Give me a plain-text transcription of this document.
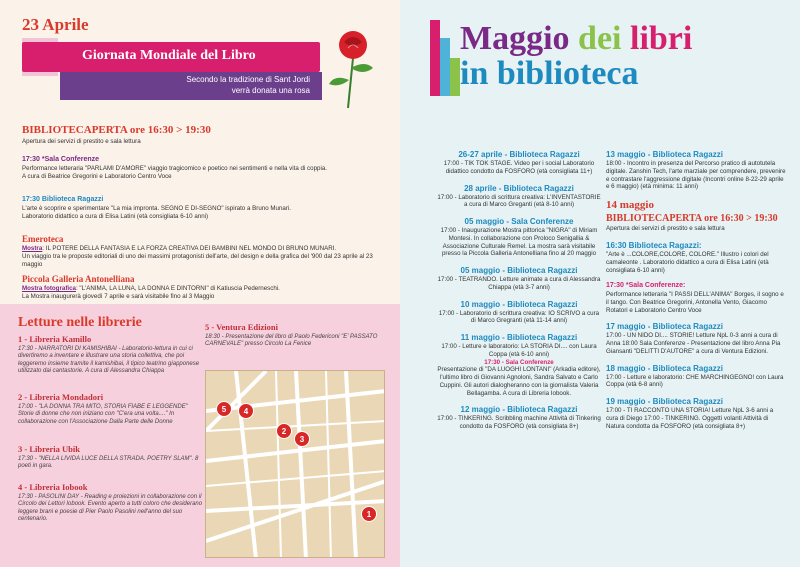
23 Aprile
Giornata Mondiale del Libro
Secondo la tradizione di Sant Jordi
verrà donata una rosa
BIBLIOTECAPERTA ore 16:30 > 19:30
Apertura dei servizi di prestito e sala lettura
17:30 *Sala Conferenze
Performance letteraria "PARLAMI D'AMORE" viaggio tragicomico e poetico nei sentimenti e nella vita di coppia.
A cura di Beatrice Gregorini e Laboratorio Centro Voce
17:30 Biblioteca Ragazzi
L'arte è scoprire e sperimentare "La mia impronta. SEGNO E DI-SEGNO" ispirato a Bruno Munari.
Laboratorio didattico a cura di Elisa Latini (età consigliata 6-10 anni)
Emeroteca
Mostra: IL POTERE DELLA FANTASIA E LA FORZA CREATIVA DEI BAMBINI NEL MONDO DI BRUNO MUNARI.
Un viaggio tra le proposte editoriali di uno dei massimi protagonisti dell'arte, del design e della grafica del '900 dal 23 aprile al 23 maggio
Piccola Galleria Antonelliana
Mostra fotografica: "L'ANIMA, LA LUNA, LA DONNA E DINTORNI" di Katiuscia Pederneschi.
La Mostra inaugurerà giovedì 7 aprile e sarà visitabile fino al 3 Maggio
Letture nelle librerie
1 - Libreria Kamillo
17:30 - NARRATORI DI KAMISHIBAI - Laboratorio-lettura in cui ci divertiremo a inventare e illustrare una storia collettiva, che poi leggeremo insieme tramite il kamishibai, il tipico teatrino giapponese utilizzato dai cantastorie. A cura di Alessandra Chiappa
2 - Libreria Mondadori
17:00 - "LA DONNA TRA MITO, STORIA FIABE E LEGGENDE" Storie di donne che non iniziano con "C'era una volta...." In collaborazione con l'Associazione Dalla Parte delle Donne
3 - Libreria Ubik
17:30 - "NELLA LIVIDA LUCE DELLA STRADA. POETRY SLAM". 8 poeti in gara.
4 - Libreria Iobook
17:30 - PASOLINI DAY - Reading e proiezioni in collaborazione con il Circolo dei Lettori Iobook. Evento aperto a tutti coloro che desiderano leggere brani e poesie di Pier Paolo Pasolini nell'anno del suo centenario.
5 - Ventura Edizioni
18:30 - Presentazione del libro di Paolo Federiconi "E' PASSATO CARNEVALE" presso Circolo La Fenice
5	4
2
3
1
Maggio dei libri
in biblioteca
26-27 aprile - Biblioteca Ragazzi
17:00 - TIK TOK STAGE. Video per i social Laboratorio didattico condotto da FOSFORO (età consigliata 11+)
28 aprile - Biblioteca Ragazzi
17:00 - Laboratorio di scrittura creativa: L'INVENTASTORIE a cura di Marco Greganti (età 8-10 anni)
05 maggio - Sala Conferenze
17:00 - Inaugurazione Mostra pittorica "NIGRA" di Miriam Montesi. In collaborazione con Proloco Senigallia & Associazione Culturale Remel. La mostra sarà visitabile presso la Piccola Galleria Antonelliana fino al 20 maggio
05 maggio - Biblioteca Ragazzi
17:00 - TEATRANDO. Letture animate a cura di Alessandra Chiappa (età 3-7 anni)
10 maggio - Biblioteca Ragazzi
17:00 - Laboratorio di scrittura creativa: IO SCRIVO a cura di Marco Gregranti (età 11-14 anni)
11 maggio - Biblioteca Ragazzi
17:00 - Letture e laboratorio: LA STORIA DI.... con Laura Coppa (età 6-10 anni)
17:30 - Sala Conferenze
Presentazione di "DA LUOGHI LONTANI" (Arkadia editore), l'ultimo libro di Giovanni Agnoloni, Sandra Salvato e Carlo Cuppini. Gli autori dialogheranno con la giornalista Valeria Bellagamba. A cura di Libreria Iobook.
12 maggio - Biblioteca Ragazzi
17:00 - TINKERING. Scribbling machine Attività di Tinkering condotto da FOSFORO (età consigliata 8+)
13 maggio - Biblioteca Ragazzi
18:00 - Incontro in presenza del Percorso pratico di autotutela digitale. Zanshin Tech, l'arte marziale per comprendere, prevenire e contrastare l'aggressione digitale (Incontri online 8-22-29 aprile e 6 maggio) (età minima: 11 anni)
14 maggio
BIBLIOTECAPERTA ore 16:30 > 19:30
Apertura dei servizi di prestito e sala lettura
16:30 Biblioteca Ragazzi:
"Arte è ...COLORE,COLORE, COLORE." Illustro i colori del camaleonte . Laboratorio didattico a cura di Elisa Latini (età consigliata 6-10 anni)
17:30 *Sala Conferenze:
Performance letteraria "I PASSI DELL'ANIMA" Borges, il sogno e il tango. Con Beatrice Gregorini, Antonella Vento, Giacomo Rotatori e Laboratorio Centro Voce
17 maggio - Biblioteca Ragazzi
17:00 - UN NIDO DI.... STORIE! Letture NpL 0-3 anni a cura di Anna 18:00 Sala Conferenze - Presentazione del libro Anna Pia Giansanti "DELITTI D'AUTORE" a cura di Ventura Edizioni.
18 maggio - Biblioteca Ragazzi
17:00 - Letture e laboratorio: CHE MARCHINGEGNO! con Laura Coppa (età 6-8 anni)
19 maggio - Biblioteca Ragazzi
17:00 - TI RACCONTO UNA STORIA! Letture NpL 3-6 anni a cura di Diego 17:00 - TINKERING. Oggetti volanti Attività di Natura condotta da FOSFORO (età consigliata 8+)
